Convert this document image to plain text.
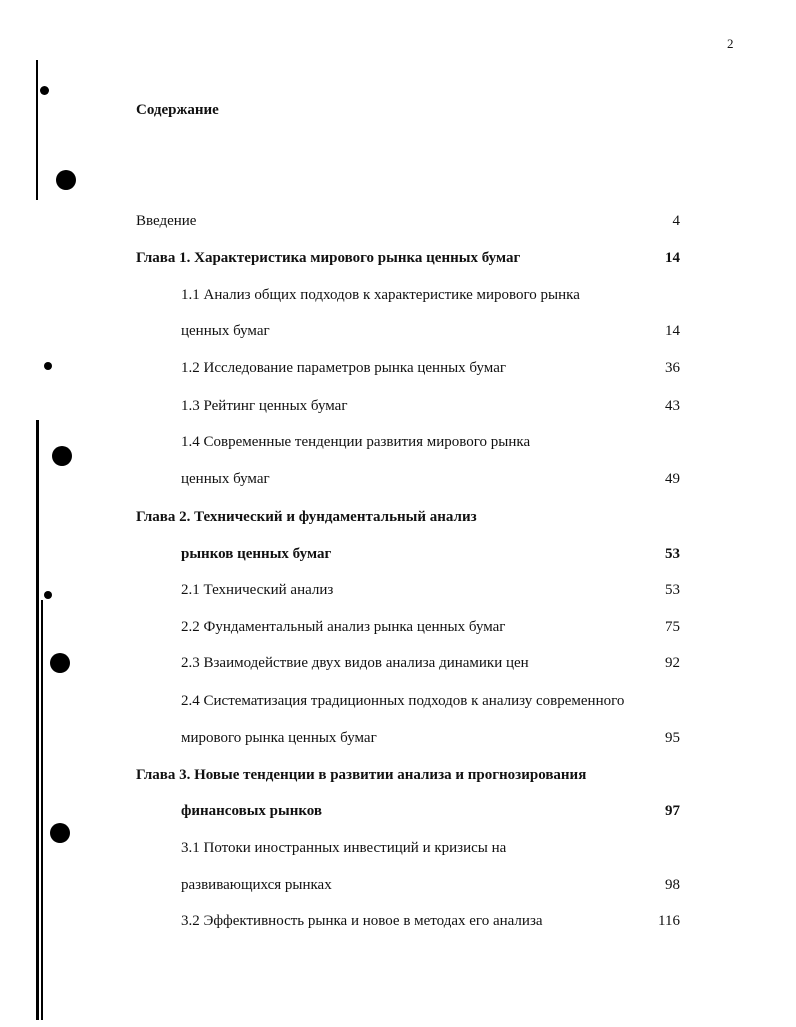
2
Содержание
Введение	4
Глава 1. Характеристика мирового рынка ценных бумаг	14
1.1 Анализ общих подходов к характеристике мирового рынка
ценных бумаг	14
1.2 Исследование параметров рынка ценных бумаг	36
1.3 Рейтинг ценных бумаг	43
1.4 Современные тенденции развития мирового рынка
ценных бумаг	49
Глава 2. Технический и фундаментальный анализ
рынков ценных бумаг	53
2.1 Технический анализ	53
2.2 Фундаментальный анализ рынка ценных бумаг	75
2.3 Взаимодействие двух видов анализа динамики цен	92
2.4 Систематизация традиционных подходов к анализу современного
мирового рынка ценных бумаг	95
Глава 3. Новые тенденции в развитии анализа и прогнозирования
финансовых рынков	97
3.1 Потоки иностранных инвестиций и кризисы на
развивающихся рынках	98
3.2 Эффективность рынка и новое в методах его анализа	116
